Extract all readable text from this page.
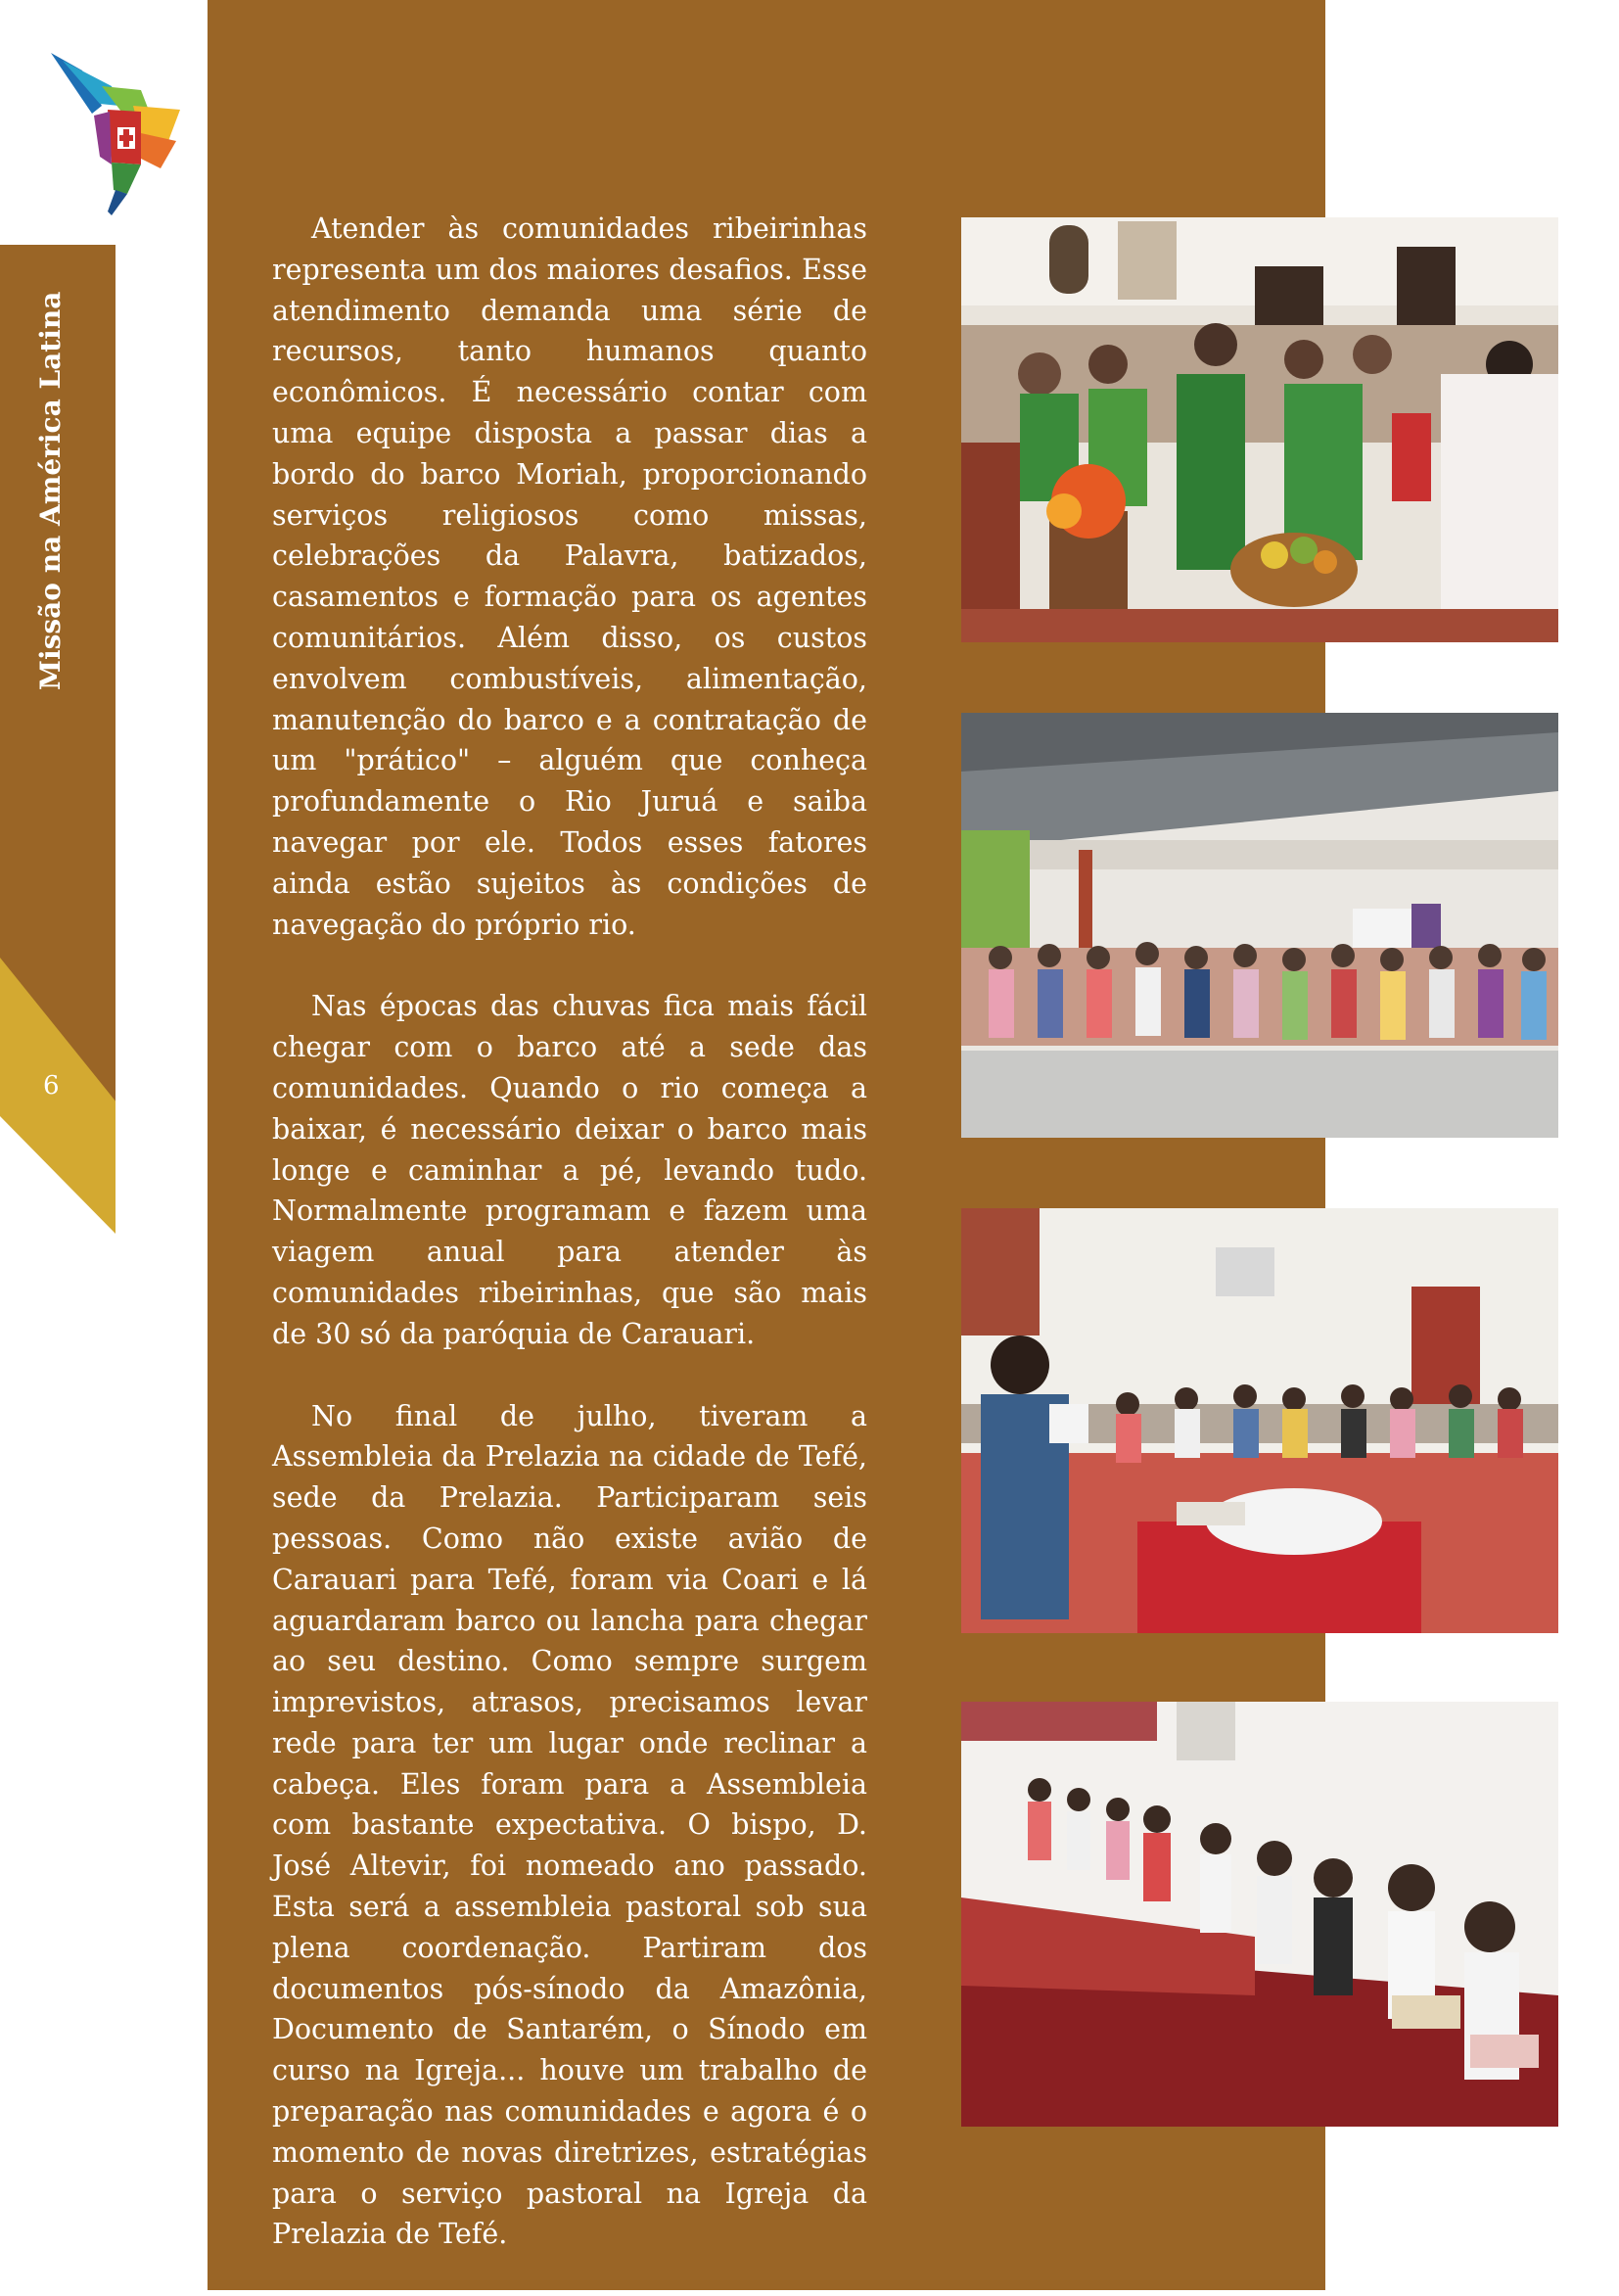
Missão na América Latina
6

Atender às comunidades ribeirinhas representa um dos maiores desafios. Esse atendimento demanda uma série de recursos, tanto humanos quanto econômicos. É necessário contar com uma equipe disposta a passar dias a bordo do barco Moriah, proporcionando serviços religiosos como missas, celebrações da Palavra, batizados, casamentos e formação para os agentes comunitários. Além disso, os custos envolvem combustíveis, alimentação, manutenção do barco e a contratação de um "prático" – alguém que conheça profundamente o Rio Juruá e saiba navegar por ele. Todos esses fatores ainda estão sujeitos às condições de navegação do próprio rio.

Nas épocas das chuvas fica mais fácil chegar com o barco até a sede das comunidades. Quando o rio começa a baixar, é necessário deixar o barco mais longe e caminhar a pé, levando tudo. Normalmente programam e fazem uma viagem anual para atender às comunidades ribeirinhas, que são mais de 30 só da paróquia de Carauari.

No final de julho, tiveram a Assembleia da Prelazia na cidade de Tefé, sede da Prelazia. Participaram seis pessoas. Como não existe avião de Carauari para Tefé, foram via Coari e lá aguardaram barco ou lancha para chegar ao seu destino. Como sempre surgem imprevistos, atrasos, precisamos levar rede para ter um lugar onde reclinar a cabeça. Eles foram para a Assembleia com bastante expectativa. O bispo, D. José Altevir, foi nomeado ano passado. Esta será a assembleia pastoral sob sua plena coordenação. Partiram dos documentos pós-sínodo da Amazônia, Documento de Santarém, o Sínodo em curso na Igreja... houve um trabalho de preparação nas comunidades e agora é o momento de novas diretrizes, estratégias para o serviço pastoral na Igreja da Prelazia de Tefé.
